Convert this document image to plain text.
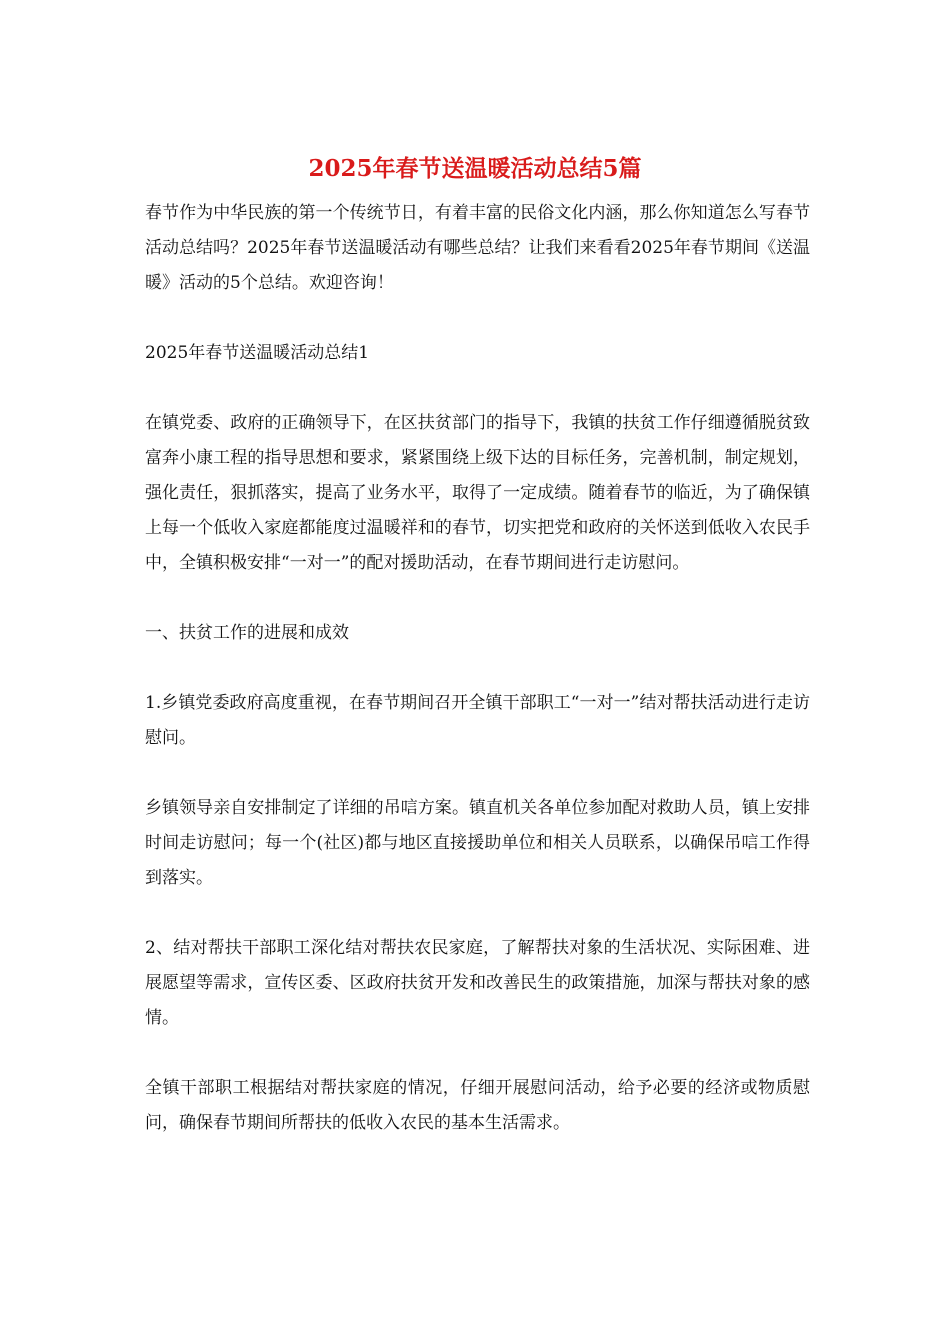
2025年春节送温暖活动总结5篇

春节作为中华民族的第一个传统节日，有着丰富的民俗文化内涵，那么你知道怎么写春节活动总结吗？2025年春节送温暖活动有哪些总结？让我们来看看2025年春节期间《送温暖》活动的5个总结。欢迎咨询！

2025年春节送温暖活动总结1

在镇党委、政府的正确领导下，在区扶贫部门的指导下，我镇的扶贫工作仔细遵循脱贫致富奔小康工程的指导思想和要求，紧紧围绕上级下达的目标任务，完善机制，制定规划，强化责任，狠抓落实，提高了业务水平，取得了一定成绩。随着春节的临近，为了确保镇上每一个低收入家庭都能度过温暖祥和的春节，切实把党和政府的关怀送到低收入农民手中，全镇积极安排“一对一”的配对援助活动，在春节期间进行走访慰问。

一、扶贫工作的进展和成效

1.乡镇党委政府高度重视，在春节期间召开全镇干部职工“一对一”结对帮扶活动进行走访慰问。

乡镇领导亲自安排制定了详细的吊唁方案。镇直机关各单位参加配对救助人员，镇上安排时间走访慰问；每一个(社区)都与地区直接援助单位和相关人员联系，以确保吊唁工作得到落实。

2、结对帮扶干部职工深化结对帮扶农民家庭，了解帮扶对象的生活状况、实际困难、进展愿望等需求，宣传区委、区政府扶贫开发和改善民生的政策措施，加深与帮扶对象的感情。

全镇干部职工根据结对帮扶家庭的情况，仔细开展慰问活动，给予必要的经济或物质慰问，确保春节期间所帮扶的低收入农民的基本生活需求。
